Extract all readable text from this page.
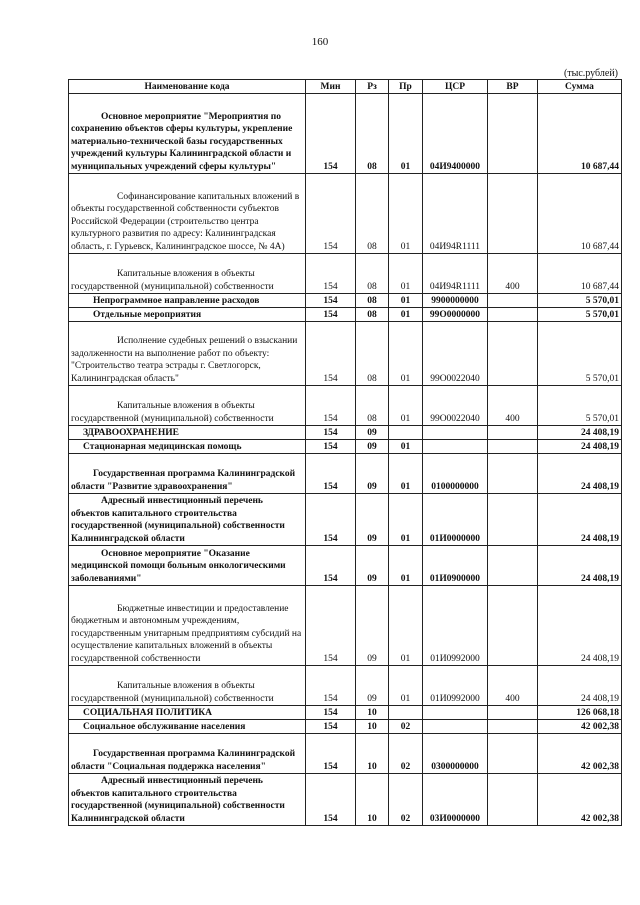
160
(тыс.рублей)
Наименование кода	Мин	Рз	Пр	ЦСР	ВР	Сумма
Основное мероприятие "Мероприятия по сохранению объектов сферы культуры, укрепление материально-технической базы государственных учреждений культуры Калининградской области и муниципальных учреждений сферы культуры"	154	08	01	04И9400000		10 687,44
Софинансирование капитальных вложений в объекты государственной собственности субъектов Российской Федерации (строительство центра культурного развития по адресу: Калининградская область, г. Гурьевск, Калининградское шоссе, № 4А)	154	08	01	04И94R1111		10 687,44
Капитальные вложения в объекты государственной (муниципальной) собственности	154	08	01	04И94R1111	400	10 687,44
Непрограммное направление расходов	154	08	01	9900000000		5 570,01
Отдельные мероприятия	154	08	01	99О0000000		5 570,01
Исполнение судебных решений о взыскании задолженности на выполнение работ по объекту: "Строительство театра эстрады г. Светлогорск, Калининградская область"	154	08	01	99О0022040		5 570,01
Капитальные вложения в объекты государственной (муниципальной) собственности	154	08	01	99О0022040	400	5 570,01
ЗДРАВООХРАНЕНИЕ	154	09				24 408,19
Стационарная медицинская помощь	154	09	01			24 408,19
Государственная программа Калининградской области "Развитие здравоохранения"	154	09	01	0100000000		24 408,19
Адресный инвестиционный перечень объектов капитального строительства государственной (муниципальной) собственности Калининградской области	154	09	01	01И0000000		24 408,19
Основное мероприятие "Оказание медицинской помощи больным онкологическими заболеваниями"	154	09	01	01И0900000		24 408,19
Бюджетные инвестиции и предоставление бюджетным и автономным учреждениям, государственным унитарным предприятиям субсидий на осуществление капитальных вложений в объекты государственной собственности	154	09	01	01И0992000		24 408,19
Капитальные вложения в объекты государственной (муниципальной) собственности	154	09	01	01И0992000	400	24 408,19
СОЦИАЛЬНАЯ ПОЛИТИКА	154	10				126 068,18
Социальное обслуживание населения	154	10	02			42 002,38
Государственная программа Калининградской области "Социальная поддержка населения"	154	10	02	0300000000		42 002,38
Адресный инвестиционный перечень объектов капитального строительства государственной (муниципальной) собственности Калининградской области	154	10	02	03И0000000		42 002,38
